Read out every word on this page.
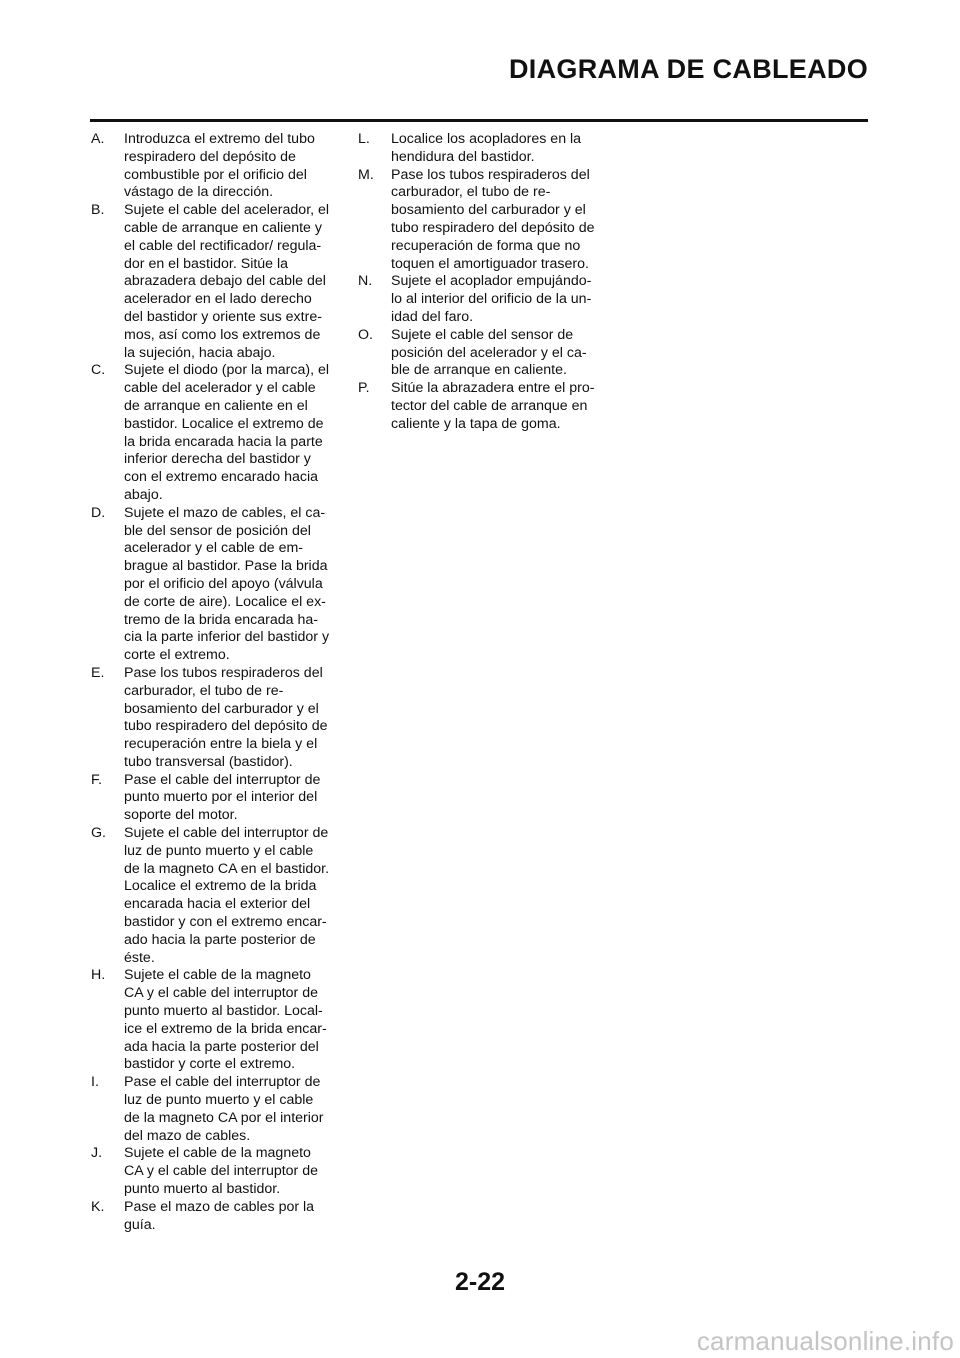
DIAGRAMA DE CABLEADO
A.	Introduzca el extremo del tubo
respiradero del depósito de
combustible por el orificio del
vástago de la dirección.
B.	Sujete el cable del acelerador, el
cable de arranque en caliente y
el cable del rectificador/ regula-
dor en el bastidor. Sitúe la
abrazadera debajo del cable del
acelerador en el lado derecho
del bastidor y oriente sus extre-
mos, así como los extremos de
la sujeción, hacia abajo.
C.	Sujete el diodo (por la marca), el
cable del acelerador y el cable
de arranque en caliente en el
bastidor. Localice el extremo de
la brida encarada hacia la parte
inferior derecha del bastidor y
con el extremo encarado hacia
abajo.
D.	Sujete el mazo de cables, el ca-
ble del sensor de posición del
acelerador y el cable de em-
brague al bastidor. Pase la brida
por el orificio del apoyo (válvula
de corte de aire). Localice el ex-
tremo de la brida encarada ha-
cia la parte inferior del bastidor y
corte el extremo.
E.	Pase los tubos respiraderos del
carburador, el tubo de re-
bosamiento del carburador y el
tubo respiradero del depósito de
recuperación entre la biela y el
tubo transversal (bastidor).
F.	Pase el cable del interruptor de
punto muerto por el interior del
soporte del motor.
G.	Sujete el cable del interruptor de
luz de punto muerto y el cable
de la magneto CA en el bastidor.
Localice el extremo de la brida
encarada hacia el exterior del
bastidor y con el extremo encar-
ado hacia la parte posterior de
éste.
H.	Sujete el cable de la magneto
CA y el cable del interruptor de
punto muerto al bastidor. Local-
ice el extremo de la brida encar-
ada hacia la parte posterior del
bastidor y corte el extremo.
I.	Pase el cable del interruptor de
luz de punto muerto y el cable
de la magneto CA por el interior
del mazo de cables.
J.	Sujete el cable de la magneto
CA y el cable del interruptor de
punto muerto al bastidor.
K.	Pase el mazo de cables por la
guía.
L.	Localice los acopladores en la
hendidura del bastidor.
M.	Pase los tubos respiraderos del
carburador, el tubo de re-
bosamiento del carburador y el
tubo respiradero del depósito de
recuperación de forma que no
toquen el amortiguador trasero.
N.	Sujete el acoplador empujándo-
lo al interior del orificio de la un-
idad del faro.
O.	Sujete el cable del sensor de
posición del acelerador y el ca-
ble de arranque en caliente.
P.	Sitúe la abrazadera entre el pro-
tector del cable de arranque en
caliente y la tapa de goma.
2-22
carmanualsonline.info
